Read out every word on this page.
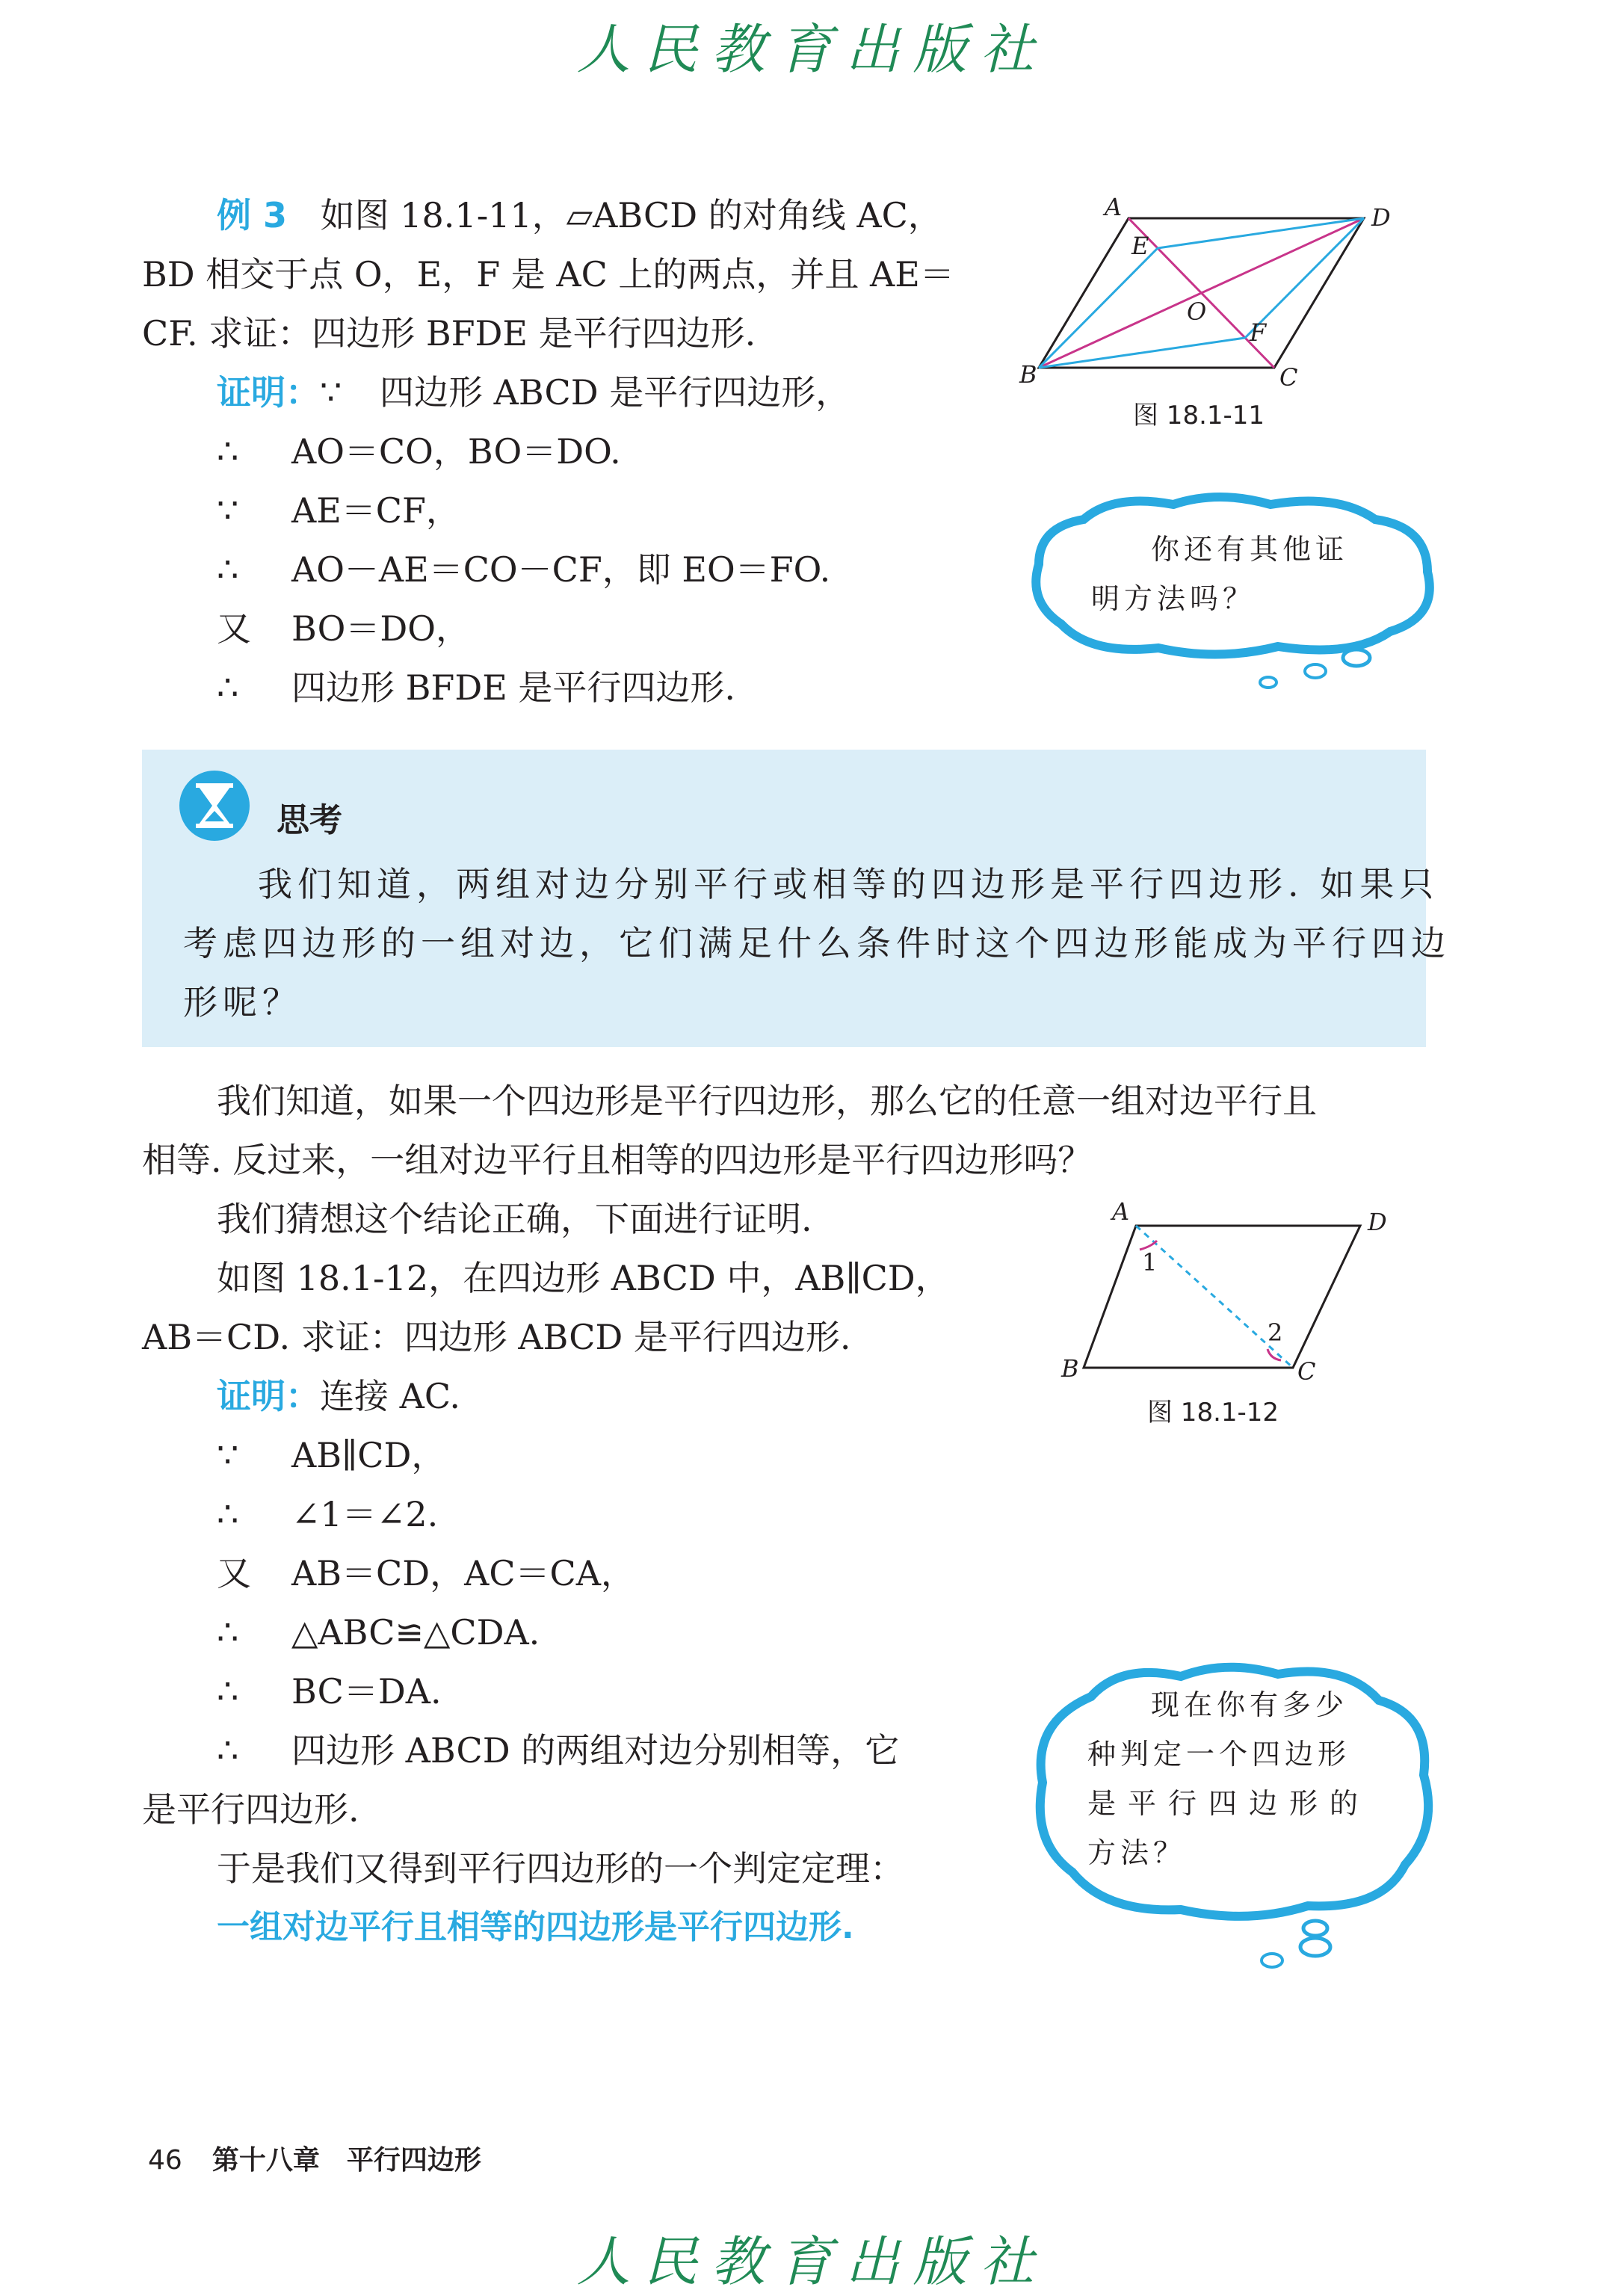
人民教育出版社
例 3 如图 18.1-11，▱ABCD 的对角线 AC，
BD 相交于点 O，E，F 是 AC 上的两点，并且 AE＝
CF. 求证：四边形 BFDE 是平行四边形.
证明：∵ 四边形 ABCD 是平行四边形，
∴ AO＝CO，BO＝DO.
∵ AE＝CF，
∴ AO－AE＝CO－CF，即 EO＝FO.
又 BO＝DO，
∴ 四边形 BFDE 是平行四边形.
A	D
B	C
E
F
O
图 18.1-11
你还有其他证
明方法吗？
思考
我们知道，两组对边分别平行或相等的四边形是平行四边形. 如果只
考虑四边形的一组对边，它们满足什么条件时这个四边形能成为平行四边
形呢？
我们知道，如果一个四边形是平行四边形，那么它的任意一组对边平行且
相等. 反过来，一组对边平行且相等的四边形是平行四边形吗？
我们猜想这个结论正确，下面进行证明.
如图 18.1-12，在四边形 ABCD 中，AB∥CD，
AB＝CD. 求证：四边形 ABCD 是平行四边形.
证明：连接 AC.
∵ AB∥CD，
∴ ∠1＝∠2.
又 AB＝CD，AC＝CA，
∴ △ABC≌△CDA.
∴ BC＝DA.
∴ 四边形 ABCD 的两组对边分别相等，它
是平行四边形.
于是我们又得到平行四边形的一个判定定理：
一组对边平行且相等的四边形是平行四边形.
A	D
B	C
1
2
图 18.1-12
现在你有多少
种判定一个四边形
是平行四边形的
方法？
46 第十八章 平行四边形
人民教育出版社
